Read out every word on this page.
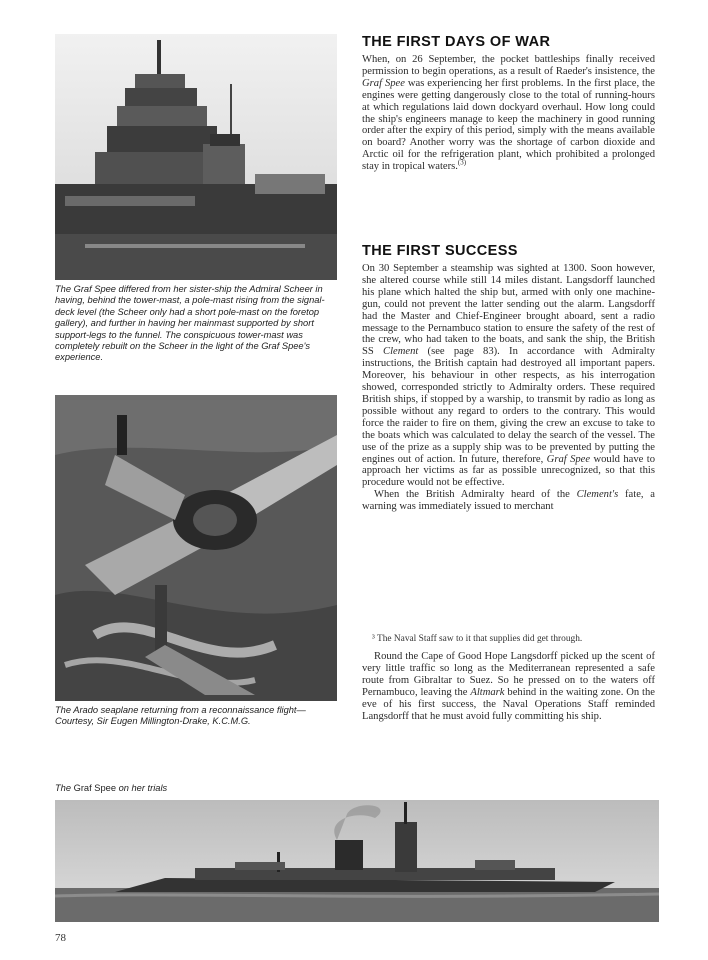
The Graf Spee differed from her sister-ship the Admiral Scheer in having, behind the tower-mast, a pole-mast rising from the signal-deck level (the Scheer only had a short pole-mast on the foretop gallery), and further in having her mainmast supported by short support-legs to the funnel. The conspicuous tower-mast was completely rebuilt on the Scheer in the light of the Graf Spee's experience.
The Arado seaplane returning from a reconnaissance flight—Courtesy, Sir Eugen Millington-Drake, K.C.M.G.
THE FIRST DAYS OF WAR

When, on 26 September, the pocket battleships finally received permission to begin operations, as a result of Raeder's insistence, the Graf Spee was experiencing her first problems. In the first place, the engines were getting dangerously close to the total of running-hours at which regulations laid down dockyard overhaul. How long could the ship's engineers manage to keep the machinery in good running order after the expiry of this period, simply with the means available on board? Another worry was the shortage of carbon dioxide and Arctic oil for the refrigeration plant, which prohibited a prolonged stay in tropical waters.$^{(3)}$

THE FIRST SUCCESS

On 30 September a steamship was sighted at 1300. Soon however, she altered course while still 14 miles distant. Langsdorff launched his plane which halted the ship but, armed with only one machine-gun, could not prevent the latter sending out the alarm. Langsdorff had the Master and Chief-Engineer brought aboard, sent a radio message to the Pernambuco station to ensure the safety of the rest of the crew, who had taken to the boats, and sank the ship, the British SS Clement (see page 83). In accordance with Admiralty instructions, the British captain had destroyed all important papers. Moreover, his behaviour in other respects, as his interrogation showed, corresponded strictly to Admiralty orders. These required British ships, if stopped by a warship, to transmit by radio as long as possible without any regard to orders to the contrary. This would force the raider to fire on them, giving the crew an excuse to take to the boats which was calculated to delay the search of the vessel. The use of the prize as a supply ship was to be prevented by putting the engines out of action. In future, therefore, Graf Spee would have to approach her victims as far as possible unrecognized, so that this procedure would not be effective.

When the British Admiralty heard of the Clement's fate, a warning was immediately issued to merchant

³ The Naval Staff saw to it that supplies did get through.

Round the Cape of Good Hope Langsdorff picked up the scent of very little traffic so long as the Mediterranean represented a safe route from Gibraltar to Suez. So he pressed on to the waters off Pernambuco, leaving the Altmark behind in the waiting zone. On the eve of his first success, the Naval Operations Staff reminded Langsdorff that he must avoid fully committing his ship.

The Graf Spee on her trials
78
